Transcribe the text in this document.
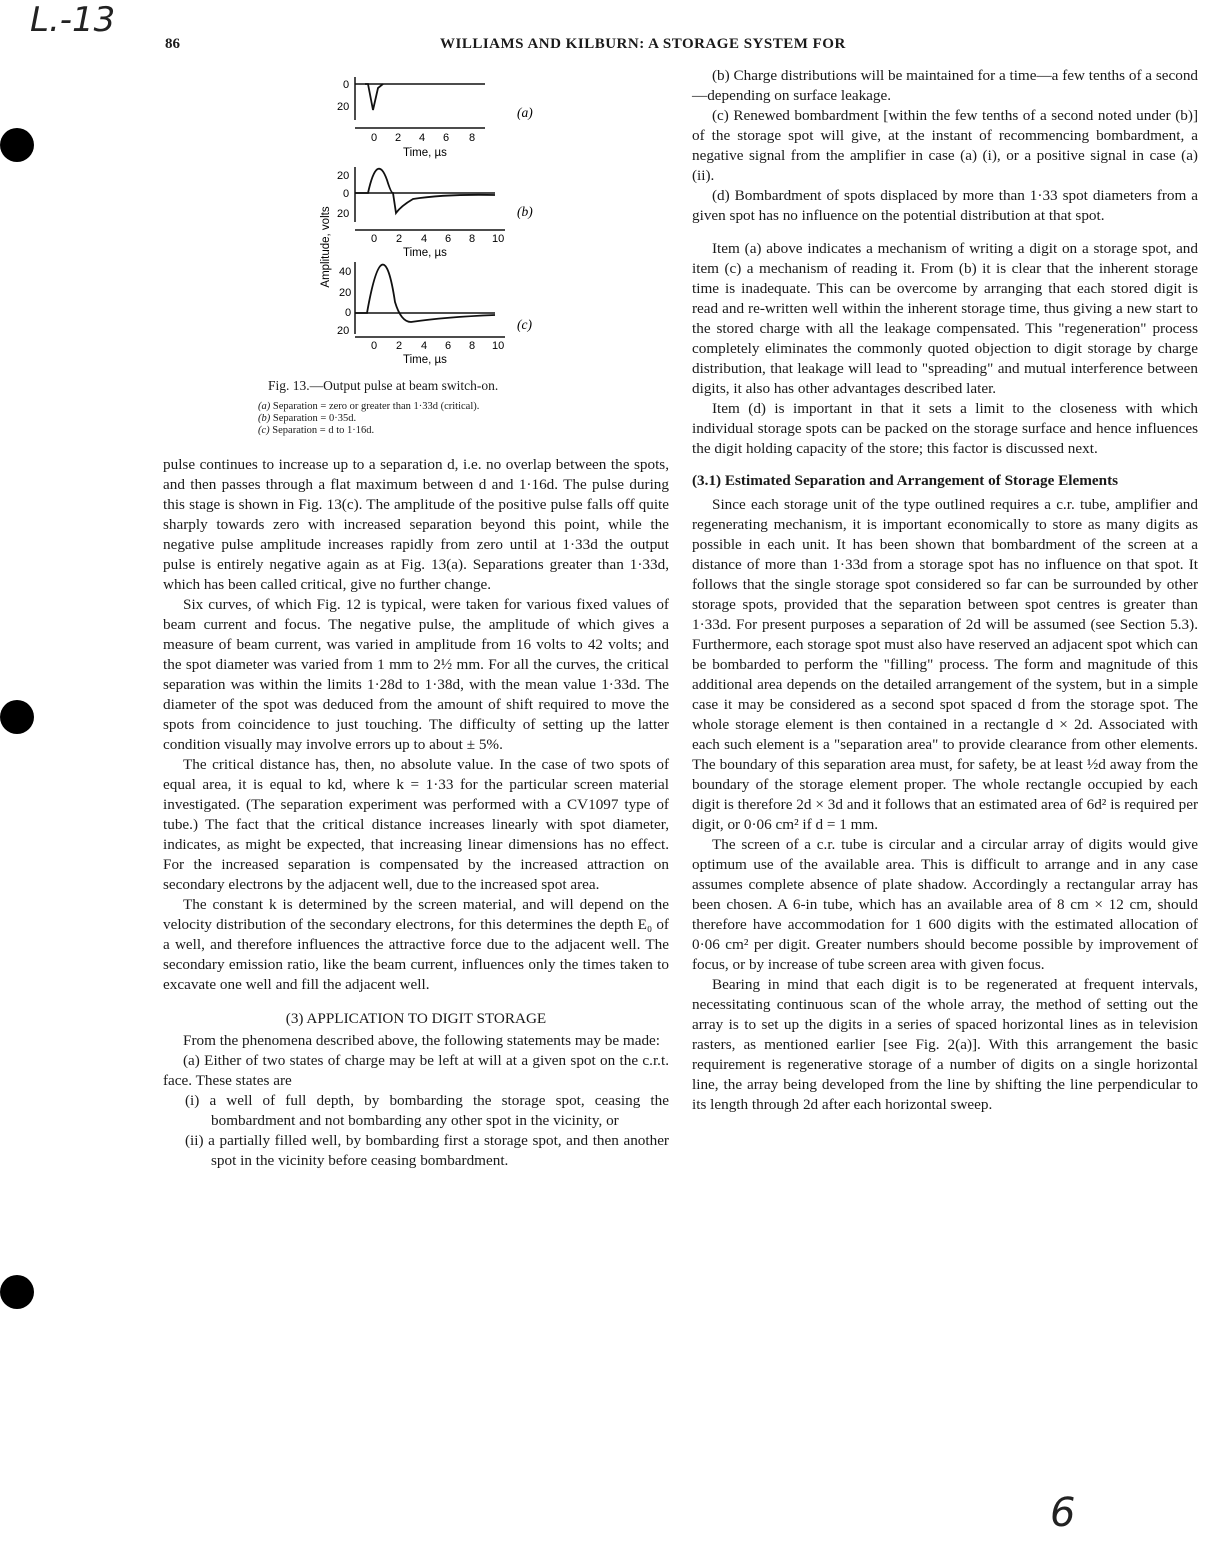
L.-13
6
86	WILLIAMS AND KILBURN: A STORAGE SYSTEM FOR
Amplitude, volts
0
20
0 2 4 6 8
Time, µs
(a)
20
0
20
0 2 4 6 8 10
Time, µs
(b)
40
20
0
20
0 2 4 6 8 10
Time, µs
(c)
Fig. 13.—Output pulse at beam switch-on.
(a) Separation = zero or greater than 1·33d (critical).
(b) Separation = 0·35d.
(c) Separation = d to 1·16d.

pulse continues to increase up to a separation d, i.e. no overlap between the spots, and then passes through a flat maximum between d and 1·16d. The pulse during this stage is shown in Fig. 13(c). The amplitude of the positive pulse falls off quite sharply towards zero with increased separation beyond this point, while the negative pulse amplitude increases rapidly from zero until at 1·33d the output pulse is entirely negative again as at Fig. 13(a). Separations greater than 1·33d, which has been called critical, give no further change.

Six curves, of which Fig. 12 is typical, were taken for various fixed values of beam current and focus. The negative pulse, the amplitude of which gives a measure of beam current, was varied in amplitude from 16 volts to 42 volts; and the spot diameter was varied from 1 mm to 2½ mm. For all the curves, the critical separation was within the limits 1·28d to 1·38d, with the mean value 1·33d. The diameter of the spot was deduced from the amount of shift required to move the spots from coincidence to just touching. The difficulty of setting up the latter condition visually may involve errors up to about ± 5%.

The critical distance has, then, no absolute value. In the case of two spots of equal area, it is equal to kd, where k = 1·33 for the particular screen material investigated. (The separation experiment was performed with a CV1097 type of tube.) The fact that the critical distance increases linearly with spot diameter, indicates, as might be expected, that increasing linear dimensions has no effect. For the increased separation is compensated by the increased attraction on secondary electrons by the adjacent well, due to the increased spot area.

The constant k is determined by the screen material, and will depend on the velocity distribution of the secondary electrons, for this determines the depth E₀ of a well, and therefore influences the attractive force due to the adjacent well. The secondary emission ratio, like the beam current, influences only the times taken to excavate one well and fill the adjacent well.

(3) APPLICATION TO DIGIT STORAGE

From the phenomena described above, the following statements may be made:

(a) Either of two states of charge may be left at will at a given spot on the c.r.t. face. These states are

(i) a well of full depth, by bombarding the storage spot, ceasing the bombardment and not bombarding any other spot in the vicinity, or

(ii) a partially filled well, by bombarding first a storage spot, and then another spot in the vicinity before ceasing bombardment.

(b) Charge distributions will be maintained for a time—a few tenths of a second—depending on surface leakage.

(c) Renewed bombardment [within the few tenths of a second noted under (b)] of the storage spot will give, at the instant of recommencing bombardment, a negative signal from the amplifier in case (a) (i), or a positive signal in case (a) (ii).

(d) Bombardment of spots displaced by more than 1·33 spot diameters from a given spot has no influence on the potential distribution at that spot.

Item (a) above indicates a mechanism of writing a digit on a storage spot, and item (c) a mechanism of reading it. From (b) it is clear that the inherent storage time is inadequate. This can be overcome by arranging that each stored digit is read and re-written well within the inherent storage time, thus giving a new start to the stored charge with all the leakage compensated. This "regeneration" process completely eliminates the commonly quoted objection to digit storage by charge distribution, that leakage will lead to "spreading" and mutual interference between digits, it also has other advantages described later.

Item (d) is important in that it sets a limit to the closeness with which individual storage spots can be packed on the storage surface and hence influences the digit holding capacity of the store; this factor is discussed next.

(3.1) Estimated Separation and Arrangement of Storage Elements

Since each storage unit of the type outlined requires a c.r. tube, amplifier and regenerating mechanism, it is important economically to store as many digits as possible in each unit. It has been shown that bombardment of the screen at a distance of more than 1·33d from a storage spot has no influence on that spot. It follows that the single storage spot considered so far can be surrounded by other storage spots, provided that the separation between spot centres is greater than 1·33d. For present purposes a separation of 2d will be assumed (see Section 5.3). Furthermore, each storage spot must also have reserved an adjacent spot which can be bombarded to perform the "filling" process. The form and magnitude of this additional area depends on the detailed arrangement of the system, but in a simple case it may be considered as a second spot spaced d from the storage spot. The whole storage element is then contained in a rectangle d × 2d. Associated with each such element is a "separation area" to provide clearance from other elements. The boundary of this separation area must, for safety, be at least ½d away from the boundary of the storage element proper. The whole rectangle occupied by each digit is therefore 2d × 3d and it follows that an estimated area of 6d² is required per digit, or 0·06 cm² if d = 1 mm.

The screen of a c.r. tube is circular and a circular array of digits would give optimum use of the available area. This is difficult to arrange and in any case assumes complete absence of plate shadow. Accordingly a rectangular array has been chosen. A 6-in tube, which has an available area of 8 cm × 12 cm, should therefore have accommodation for 1 600 digits with the estimated allocation of 0·06 cm² per digit. Greater numbers should become possible by improvement of focus, or by increase of tube screen area with given focus.

Bearing in mind that each digit is to be regenerated at frequent intervals, necessitating continuous scan of the whole array, the method of setting out the array is to set up the digits in a series of spaced horizontal lines as in television rasters, as mentioned earlier [see Fig. 2(a)]. With this arrangement the basic requirement is regenerative storage of a number of digits on a single horizontal line, the array being developed from the line by shifting the line perpendicular to its length through 2d after each horizontal sweep.
